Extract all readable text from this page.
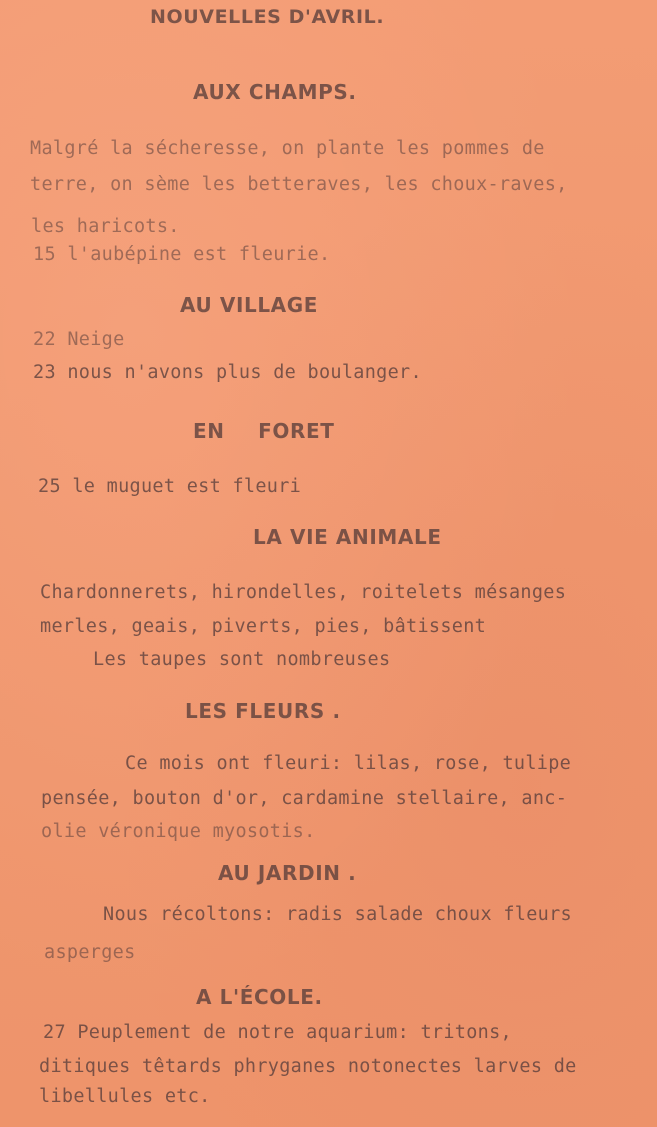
NOUVELLES D'AVRIL.
AUX CHAMPS.

Malgré la sécheresse, on plante les pommes de

terre, on sème les betteraves, les choux-raves,

les haricots.

15 l'aubépine est fleurie.

AU VILLAGE

22 Neige

23 nous n'avons plus de boulanger.

EN FORET

25 le muguet est fleuri

LA VIE ANIMALE

Chardonnerets, hirondelles, roitelets mésanges

merles, geais, piverts, pies, bâtissent

Les taupes sont nombreuses

LES FLEURS .

Ce mois ont fleuri: lilas, rose, tulipe

pensée, bouton d'or, cardamine stellaire, anc-

olie véronique myosotis.

AU JARDIN .

Nous récoltons: radis salade choux fleurs

asperges

A L'ÉCOLE.

27 Peuplement de notre aquarium: tritons,

ditiques têtards phryganes notonectes larves de

libellules etc.
